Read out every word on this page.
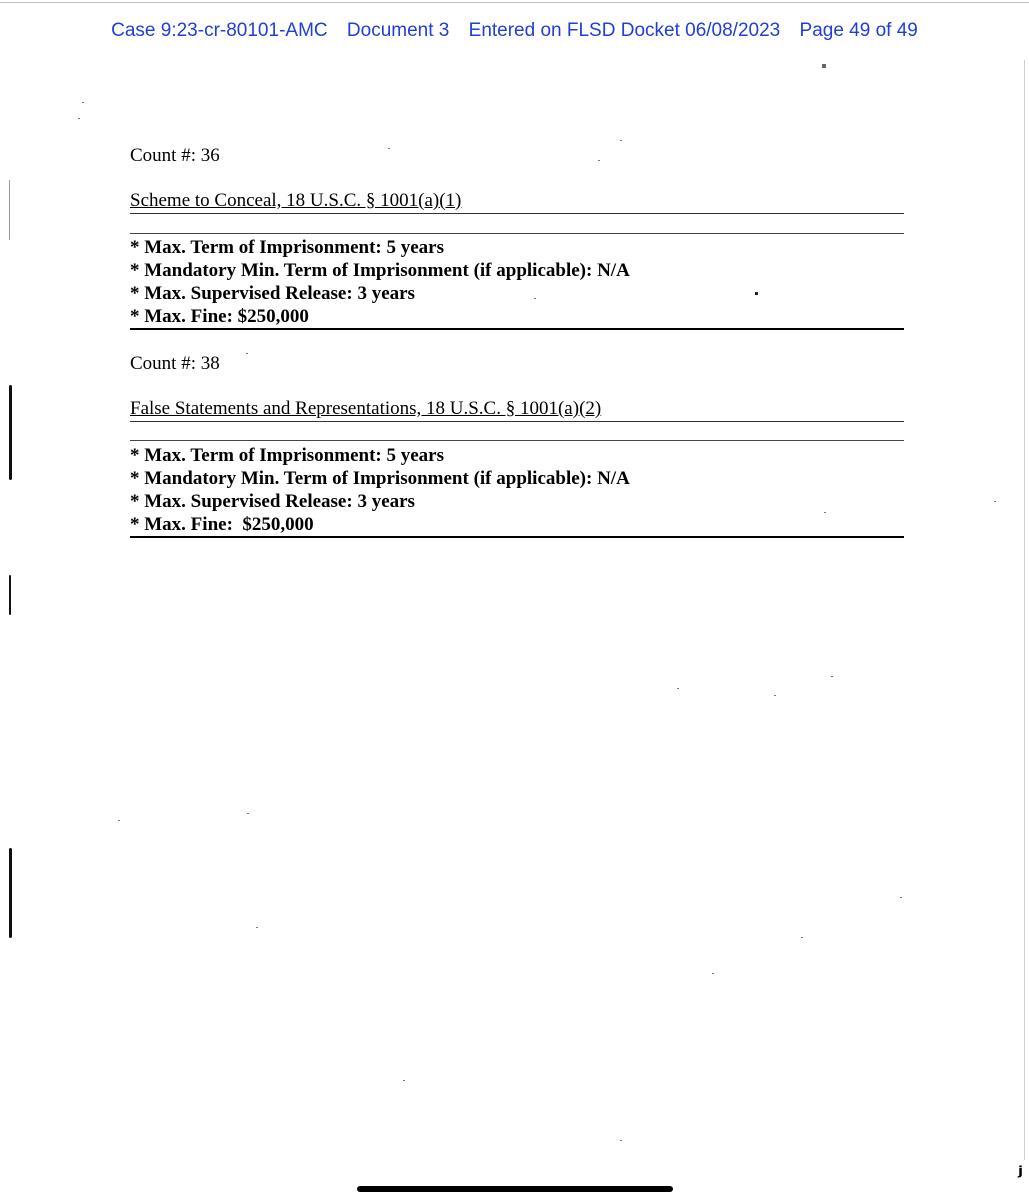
Case 9:23-cr-80101-AMC Document 3 Entered on FLSD Docket 06/08/2023 Page 49 of 49
Count #: 36
Scheme to Conceal, 18 U.S.C. § 1001(a)(1)
* Max. Term of Imprisonment: 5 years
* Mandatory Min. Term of Imprisonment (if applicable): N/A
* Max. Supervised Release: 3 years
* Max. Fine: $250,000
Count #: 38
False Statements and Representations, 18 U.S.C. § 1001(a)(2)
* Max. Term of Imprisonment: 5 years
* Mandatory Min. Term of Imprisonment (if applicable): N/A
* Max. Supervised Release: 3 years
* Max. Fine:  $250,000
ⱼ
